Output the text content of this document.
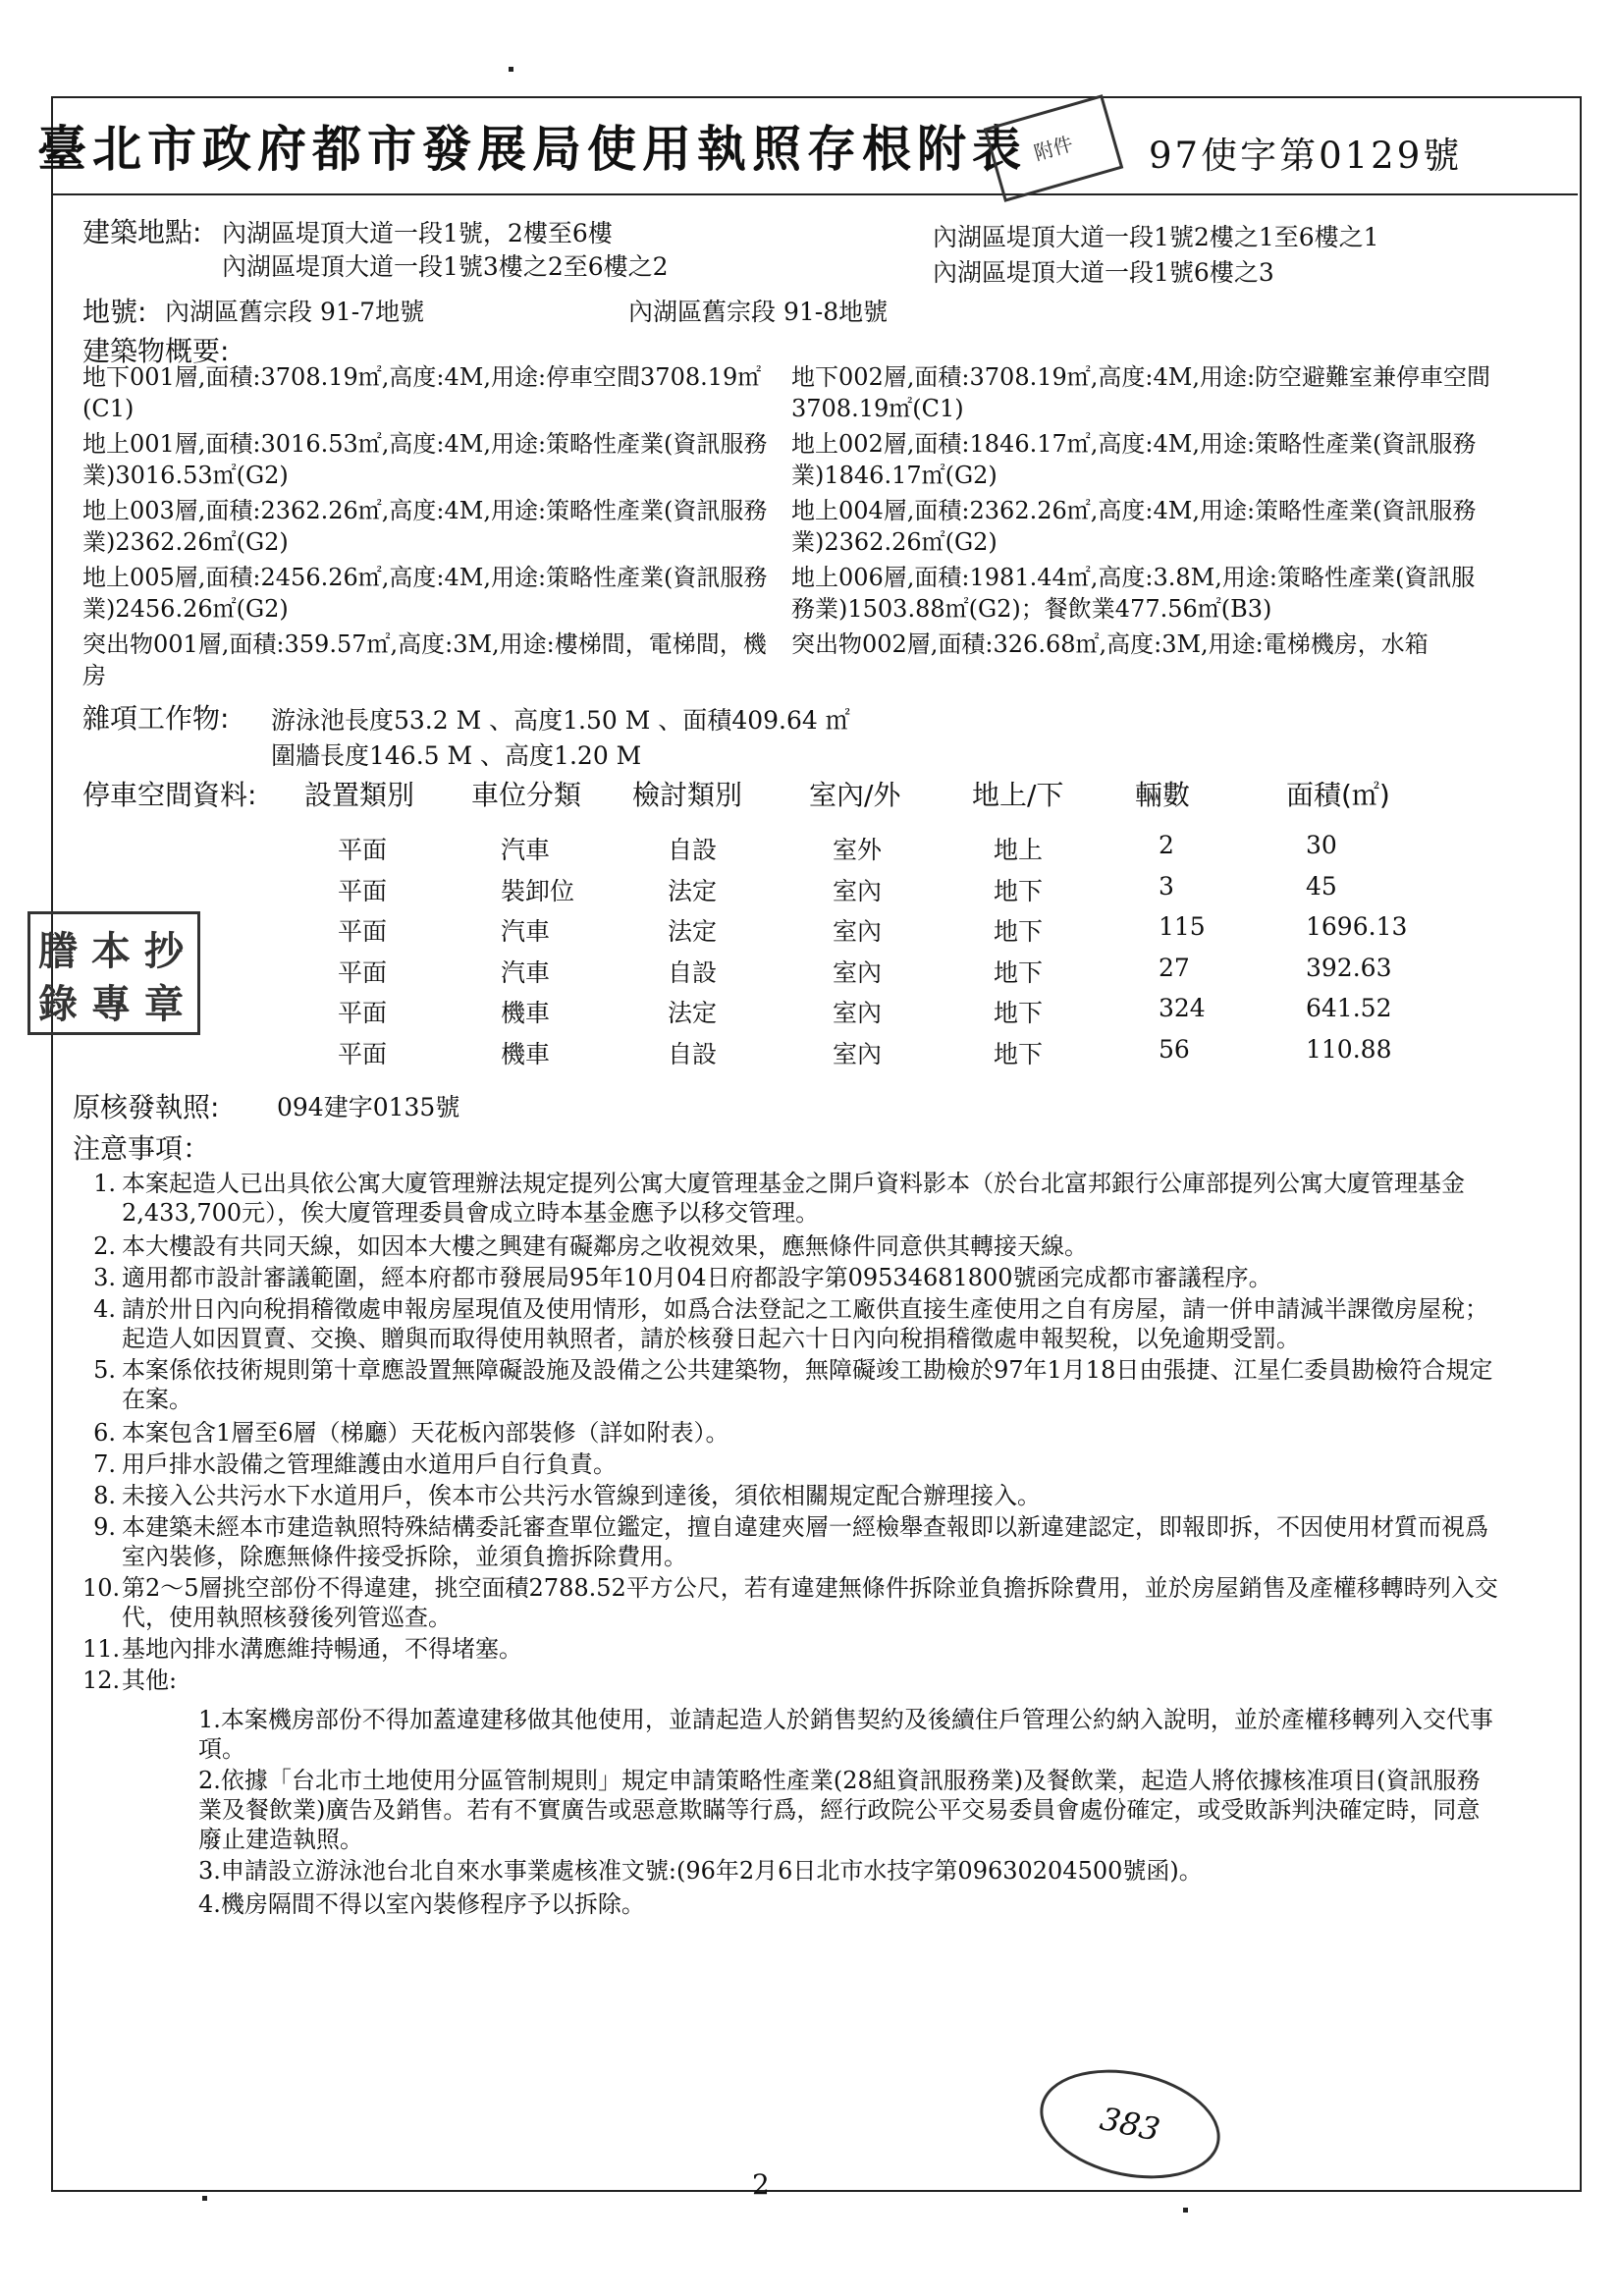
臺北市政府都市發展局使用執照存根附表 附件	97使字第0129號
建築地點: 內湖區堤頂大道一段1號，2樓至6樓
內湖區堤頂大道一段1號3樓之2至6樓之2
內湖區堤頂大道一段1號2樓之1至6樓之1
內湖區堤頂大道一段1號6樓之3
地號: 內湖區舊宗段 91-7地號	內湖區舊宗段 91-8地號
建築物概要:
地下001層,面積:3708.19㎡,高度:4M,用途:停車空間3708.19㎡(C1)
地下002層,面積:3708.19㎡,高度:4M,用途:防空避難室兼停車空間3708.19㎡(C1)
地上001層,面積:3016.53㎡,高度:4M,用途:策略性產業(資訊服務業)3016.53㎡(G2)
地上002層,面積:1846.17㎡,高度:4M,用途:策略性產業(資訊服務業)1846.17㎡(G2)
地上003層,面積:2362.26㎡,高度:4M,用途:策略性產業(資訊服務業)2362.26㎡(G2)
地上004層,面積:2362.26㎡,高度:4M,用途:策略性產業(資訊服務業)2362.26㎡(G2)
地上005層,面積:2456.26㎡,高度:4M,用途:策略性產業(資訊服務業)2456.26㎡(G2)
地上006層,面積:1981.44㎡,高度:3.8M,用途:策略性產業(資訊服務業)1503.88㎡(G2)；餐飲業477.56㎡(B3)
突出物001層,面積:359.57㎡,高度:3M,用途:樓梯間，電梯間，機房
突出物002層,面積:326.68㎡,高度:3M,用途:電梯機房，水箱
雜項工作物: 游泳池長度53.2 M 、高度1.50 M 、面積409.64 ㎡
圍牆長度146.5 M 、高度1.20 M
停車空間資料: 設置類別 車位分類 檢討類別 室內/外	地上/下	輛數	面積(㎡)
平面	汽車	自設	室外	地上	2	30
平面	裝卸位	法定	室內	地下	3	45
平面	汽車	法定	室內	地下	115	1696.13
平面	汽車	自設	室內	地下	27	392.63
平面	機車	法定	室內	地下	324	641.52
平面	機車	自設	室內	地下	56	110.88
原核發執照: 094建字0135號
注意事項：
1. 本案起造人已出具依公寓大廈管理辦法規定提列公寓大廈管理基金之開戶資料影本（於台北富邦銀行公庫部提列公寓大廈管理基金2,433,700元），俟大廈管理委員會成立時本基金應予以移交管理。
2. 本大樓設有共同天線，如因本大樓之興建有礙鄰房之收視效果，應無條件同意供其轉接天線。
3. 適用都市設計審議範圍，經本府都市發展局95年10月04日府都設字第09534681800號函完成都市審議程序。
4. 請於卅日內向稅捐稽徵處申報房屋現值及使用情形，如爲合法登記之工廠供直接生產使用之自有房屋，請一併申請減半課徵房屋稅；起造人如因買賣、交換、贈與而取得使用執照者，請於核發日起六十日內向稅捐稽徵處申報契稅，以免逾期受罰。
5. 本案係依技術規則第十章應設置無障礙設施及設備之公共建築物，無障礙竣工勘檢於97年1月18日由張捷、江星仁委員勘檢符合規定在案。
6. 本案包含1層至6層（梯廳）天花板內部裝修（詳如附表）。
7. 用戶排水設備之管理維護由水道用戶自行負責。
8. 未接入公共污水下水道用戶，俟本市公共污水管線到達後，須依相關規定配合辦理接入。
9. 本建築未經本市建造執照特殊結構委託審查單位鑑定，擅自違建夾層一經檢舉查報即以新違建認定，即報即拆，不因使用材質而視爲室內裝修，除應無條件接受拆除，並須負擔拆除費用。
10. 第2～5層挑空部份不得違建，挑空面積2788.52平方公尺，若有違建無條件拆除並負擔拆除費用，並於房屋銷售及產權移轉時列入交代，使用執照核發後列管巡查。
11. 基地內排水溝應維持暢通，不得堵塞。
12. 其他:
1.本案機房部份不得加蓋違建移做其他使用，並請起造人於銷售契約及後續住戶管理公約納入說明，並於產權移轉列入交代事項。
2.依據「台北市土地使用分區管制規則」規定申請策略性產業(28組資訊服務業)及餐飲業，起造人將依據核准項目(資訊服務業及餐飲業)廣告及銷售。若有不實廣告或惡意欺瞞等行爲，經行政院公平交易委員會處份確定，或受敗訴判決確定時，同意廢止建造執照。
3.申請設立游泳池台北自來水事業處核准文號:(96年2月6日北市水技字第09630204500號函)。
4.機房隔間不得以室內裝修程序予以拆除。
謄 本 抄
錄 專 章
383
2
